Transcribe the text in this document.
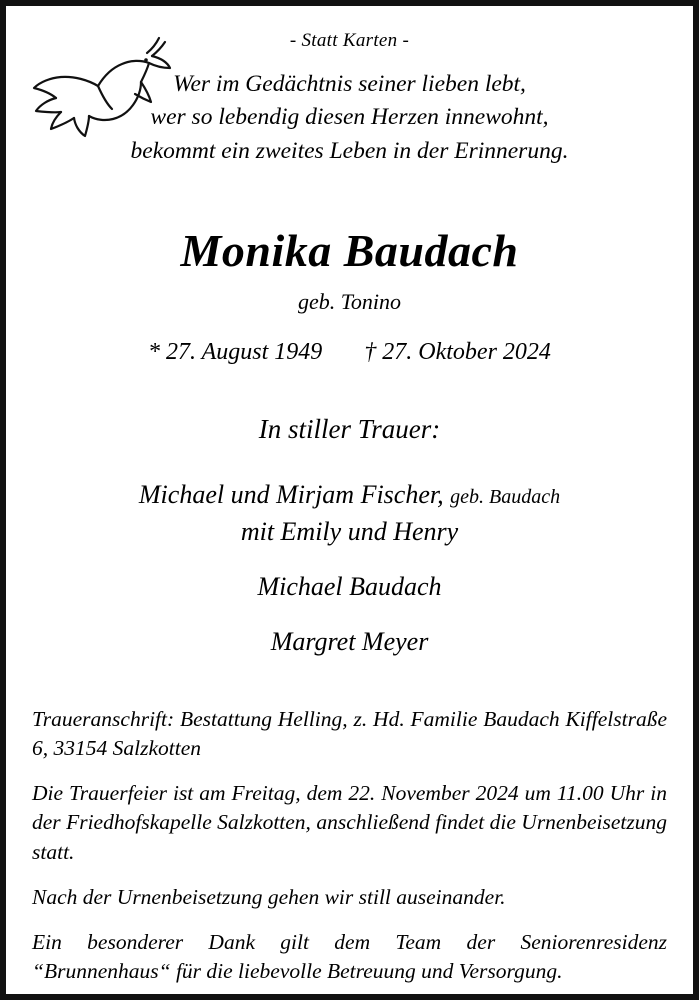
- Statt Karten -
Wer im Gedächtnis seiner lieben lebt,
wer so lebendig diesen Herzen innewohnt,
bekommt ein zweites Leben in der Erinnerung.
Monika Baudach
geb. Tonino
* 27. August 1949 † 27. Oktober 2024
In stiller Trauer:
Michael und Mirjam Fischer, geb. Baudach
mit Emily und Henry
Michael Baudach
Margret Meyer

Traueranschrift: Bestattung Helling, z. Hd. Familie Baudach Kiffelstraße 6, 33154 Salzkotten

Die Trauerfeier ist am Freitag, dem 22. November 2024 um 11.00 Uhr in der Friedhofskapelle Salzkotten, anschließend findet die Urnenbeisetzung statt.

Nach der Urnenbeisetzung gehen wir still auseinander.

Ein besonderer Dank gilt dem Team der Seniorenresidenz “Brunnenhaus“ für die liebevolle Betreuung und Versorgung.
